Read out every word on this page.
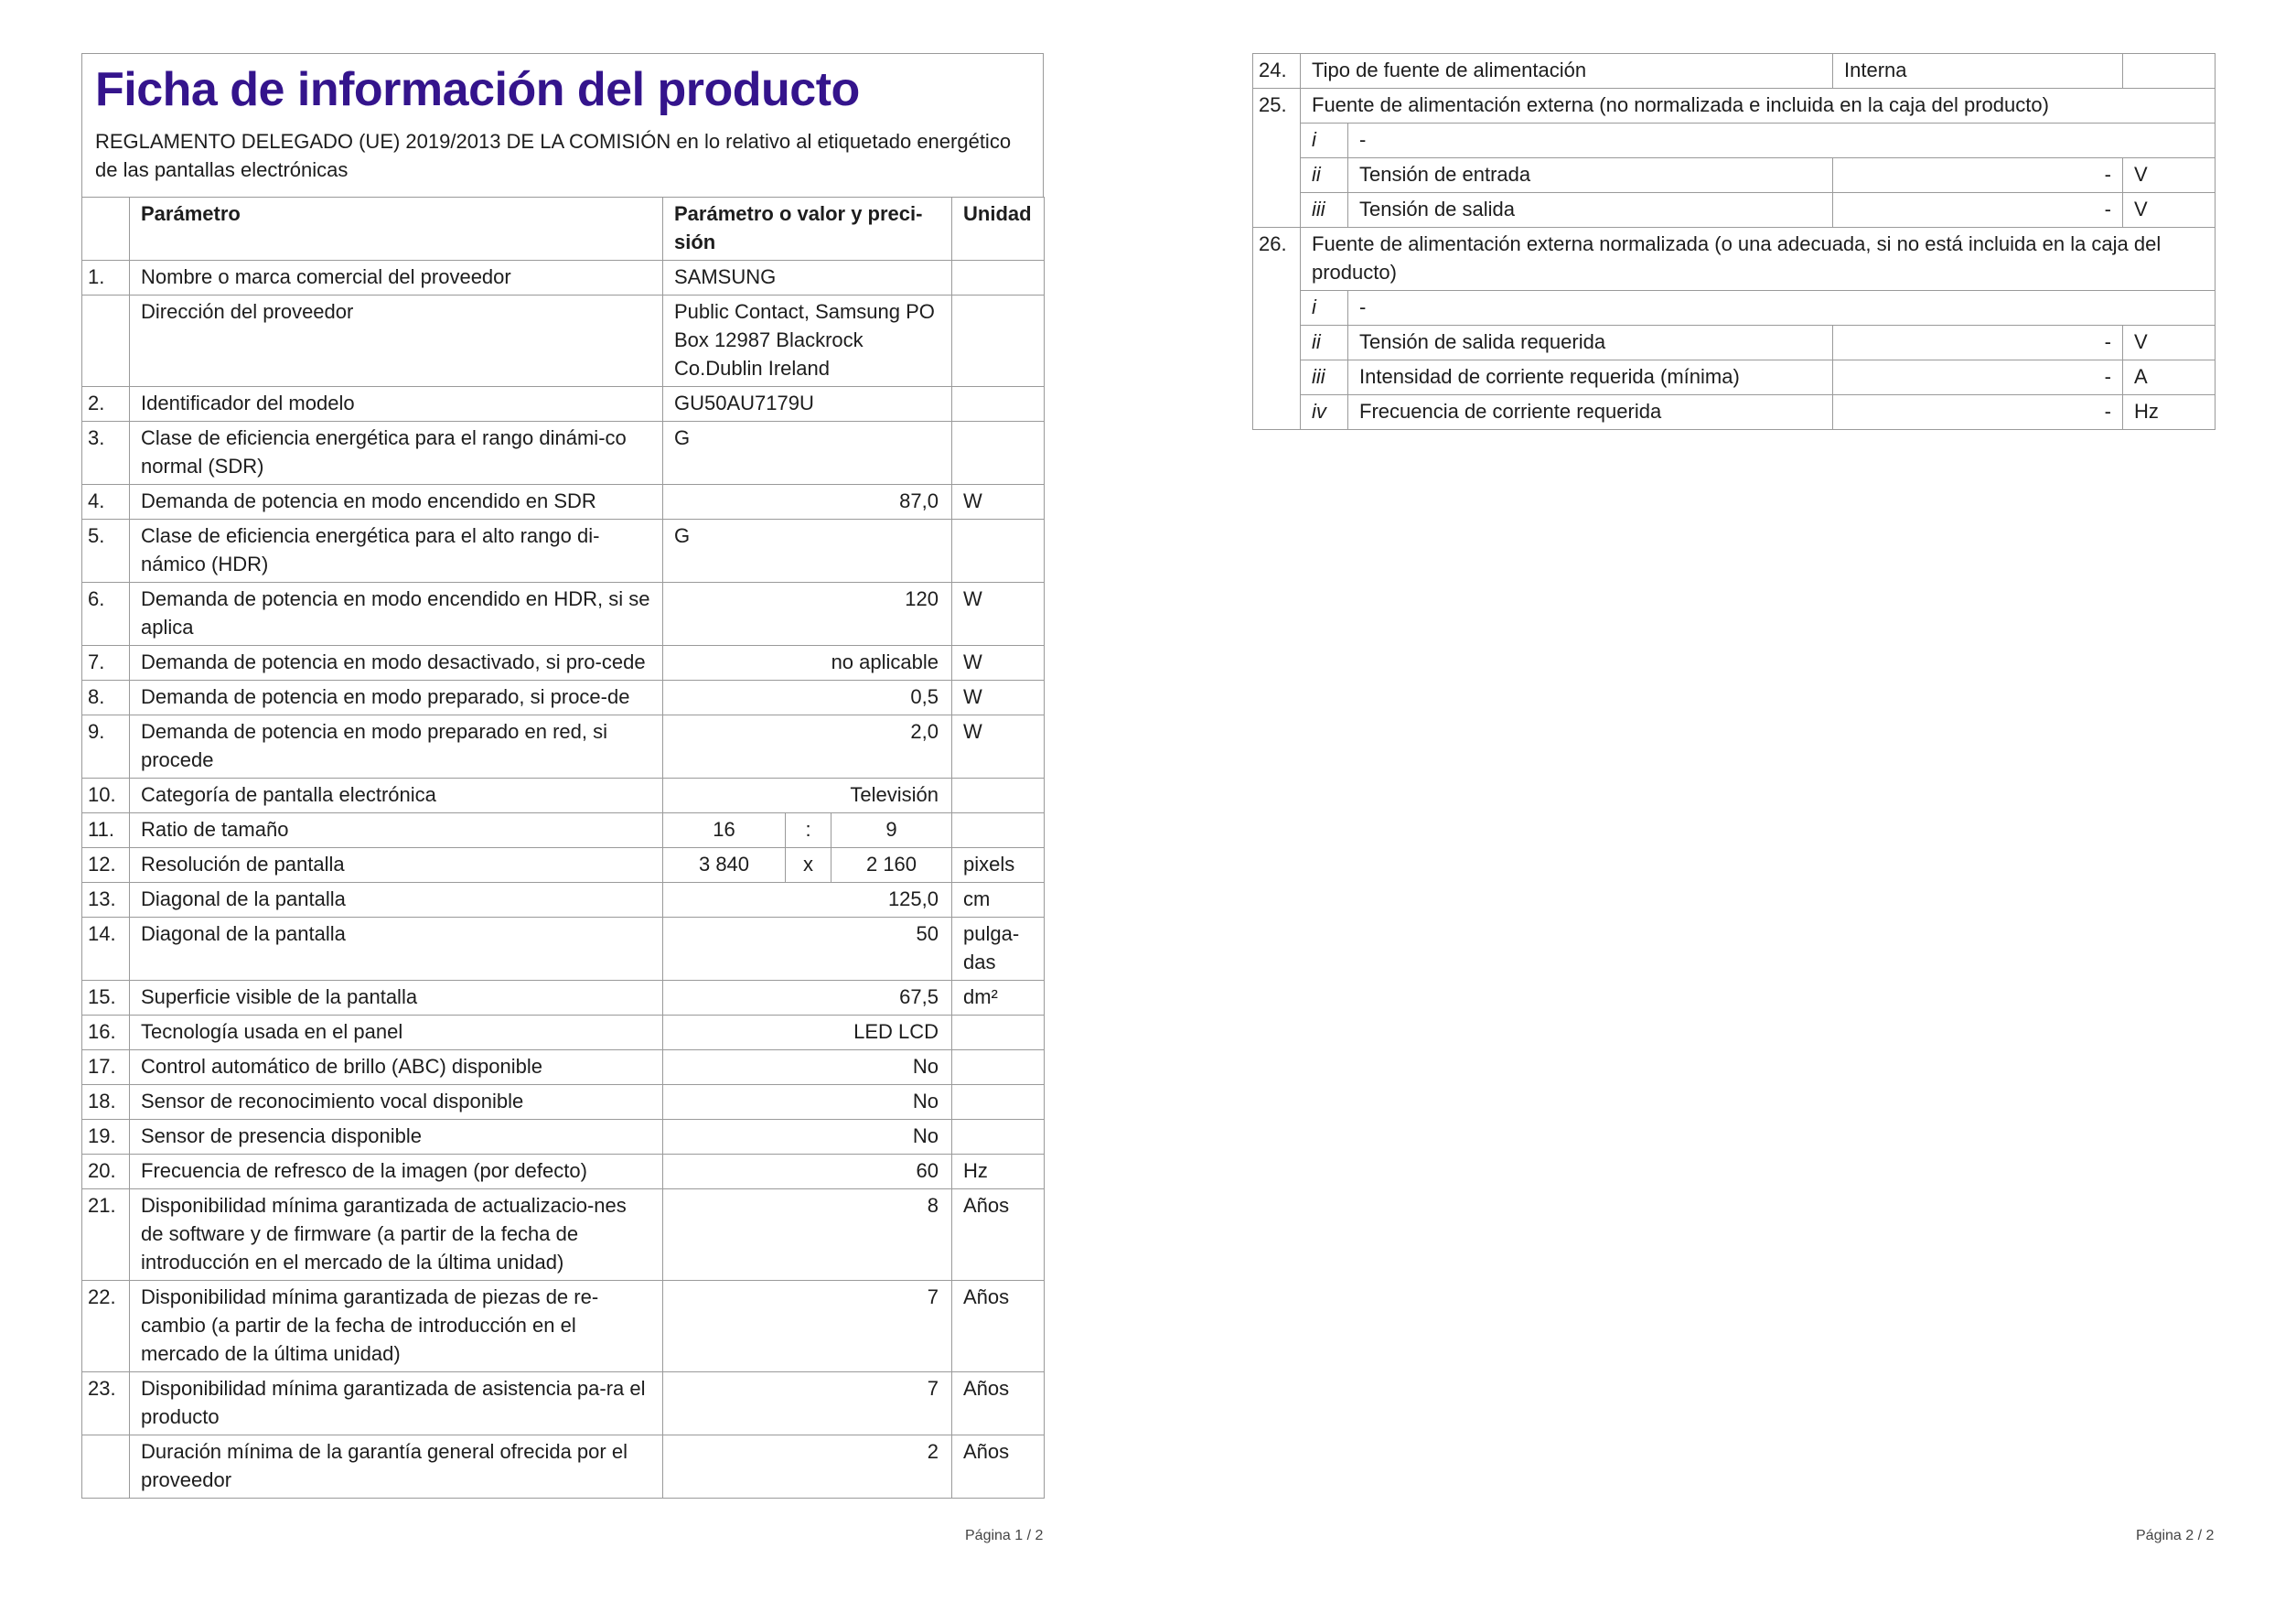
Ficha de información del producto
REGLAMENTO DELEGADO (UE) 2019/2013 DE LA COMISIÓN en lo relativo al etiquetado energético de las pantallas electrónicas
	Parámetro	Parámetro o valor y preci-sión			Unidad
1.	Nombre o marca comercial del proveedor	SAMSUNG			
	Dirección del proveedor	Public Contact, Samsung PO Box 12987 Blackrock Co.Dublin Ireland			
2.	Identificador del modelo	GU50AU7179U			
3.	Clase de eficiencia energética para el rango dinámi-co normal (SDR)	G			
4.	Demanda de potencia en modo encendido en SDR	87,0			W
5.	Clase de eficiencia energética para el alto rango di-námico (HDR)	G			
6.	Demanda de potencia en modo encendido en HDR, si se aplica	120			W
7.	Demanda de potencia en modo desactivado, si pro-cede	no aplicable			W
8.	Demanda de potencia en modo preparado, si proce-de	0,5			W
9.	Demanda de potencia en modo preparado en red, si procede	2,0			W
10.	Categoría de pantalla electrónica	Televisión			
11.	Ratio de tamaño	16	:	9	
12.	Resolución de pantalla	3 840	x	2 160	pixels
13.	Diagonal de la pantalla	125,0			cm
14.	Diagonal de la pantalla	50			pulga-das
15.	Superficie visible de la pantalla	67,5			dm²
16.	Tecnología usada en el panel	LED LCD			
17.	Control automático de brillo (ABC) disponible	No			
18.	Sensor de reconocimiento vocal disponible	No			
19.	Sensor de presencia disponible	No			
20.	Frecuencia de refresco de la imagen (por defecto)	60			Hz
21.	Disponibilidad mínima garantizada de actualizacio-nes de software y de firmware (a partir de la fecha de introducción en el mercado de la última unidad)	8			Años
22.	Disponibilidad mínima garantizada de piezas de re-cambio (a partir de la fecha de introducción en el mercado de la última unidad)	7			Años
23.	Disponibilidad mínima garantizada de asistencia pa-ra el producto	7			Años
	Duración mínima de la garantía general ofrecida por el proveedor	2			Años
Página 1 / 2
24.	Tipo de fuente de alimentación		Interna	
25.	Fuente de alimentación externa (no normalizada e incluida en la caja del producto)			
	i	-		
	ii	Tensión de entrada	-	V
	iii	Tensión de salida	-	V
26.	Fuente de alimentación externa normalizada (o una adecuada, si no está incluida en la caja del producto)			
	i	-		
	ii	Tensión de salida requerida	-	V
	iii	Intensidad de corriente requerida (mínima)	-	A
	iv	Frecuencia de corriente requerida	-	Hz
Página 2 / 2
